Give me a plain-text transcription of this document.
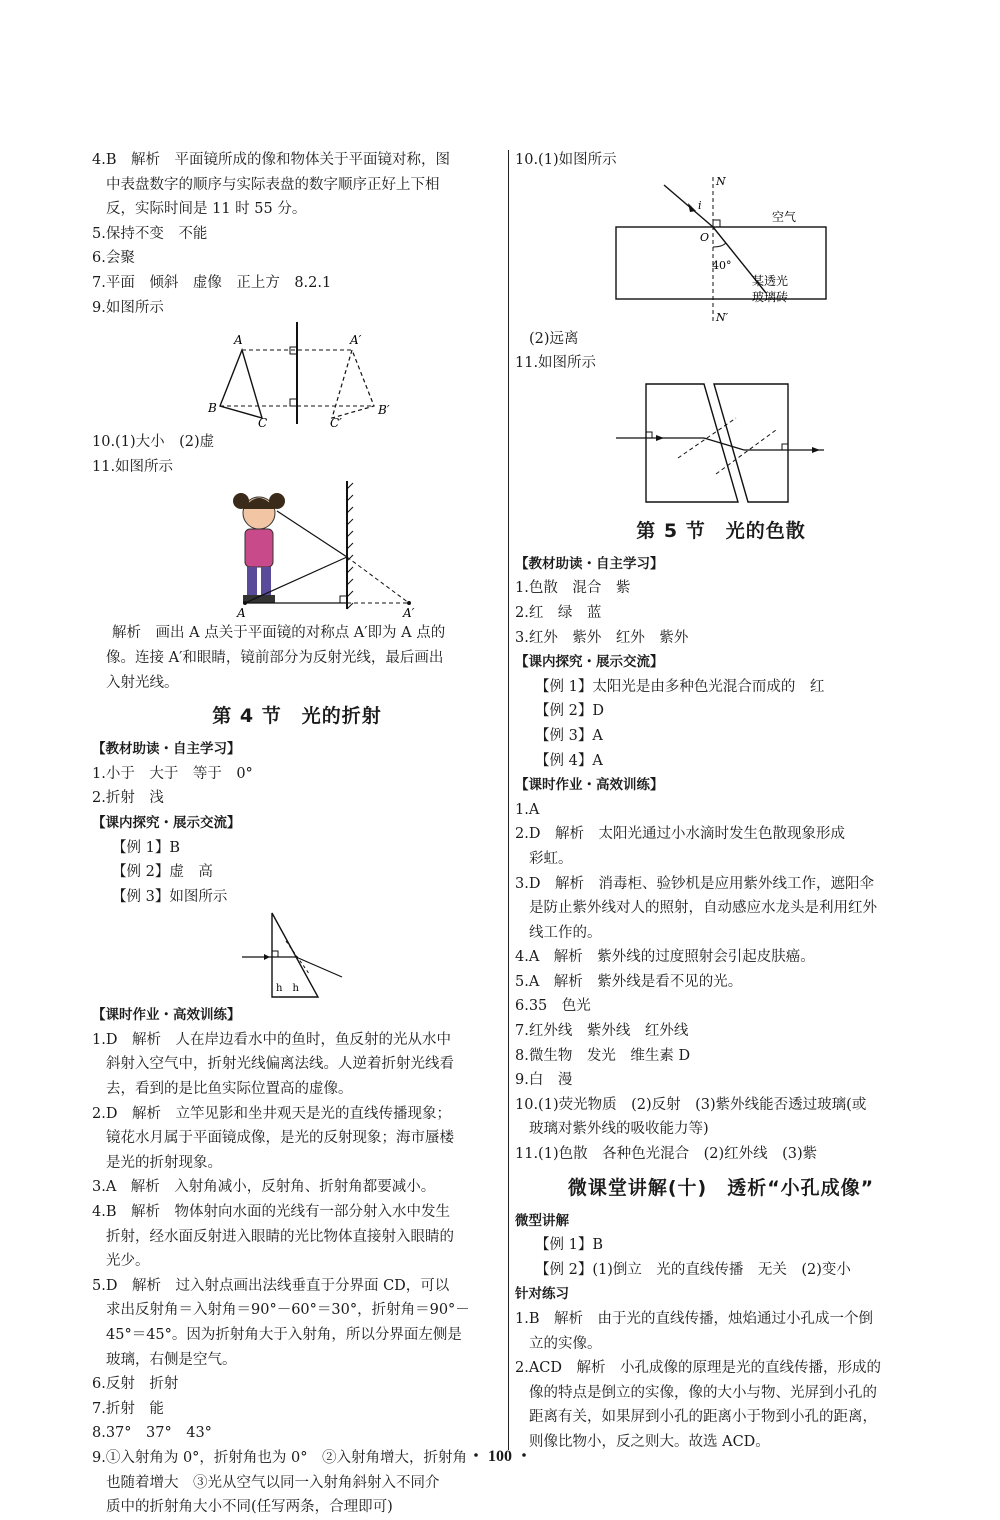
4.B　解析　平面镜所成的像和物体关于平面镜对称，图
中表盘数字的顺序与实际表盘的数字顺序正好上下相
反，实际时间是 11 时 55 分。
5.保持不变　不能
6.会聚
7.平面　倾斜　虚像　正上方　8.2.1
9.如图所示
A	A′
B
C	C′
B′
10.(1)大小　(2)虚
11.如图所示
A	A′
解析　画出 A 点关于平面镜的对称点 A′即为 A 点的
像。连接 A′和眼睛，镜前部分为反射光线，最后画出
入射光线。
第 4 节　光的折射
【教材助读・自主学习】
1.小于　大于　等于　0°
2.折射　浅
【课内探究・展示交流】
【例 1】B
【例 2】虚　高
【例 3】如图所示
h　h
【课时作业・高效训练】
1.D　解析　人在岸边看水中的鱼时，鱼反射的光从水中
斜射入空气中，折射光线偏离法线。人逆着折射光线看
去，看到的是比鱼实际位置高的虚像。
2.D　解析　立竿见影和坐井观天是光的直线传播现象；
镜花水月属于平面镜成像，是光的反射现象；海市蜃楼
是光的折射现象。
3.A　解析　入射角减小，反射角、折射角都要减小。
4.B　解析　物体射向水面的光线有一部分射入水中发生
折射，经水面反射进入眼睛的光比物体直接射入眼睛的
光少。
5.D　解析　过入射点画出法线垂直于分界面 CD，可以
求出反射角＝入射角＝90°－60°＝30°，折射角＝90°－
45°＝45°。因为折射角大于入射角，所以分界面左侧是
玻璃，右侧是空气。
6.反射　折射
7.折射　能
8.37°　37°　43°
9.①入射角为 0°，折射角也为 0°　②入射角增大，折射角
也随着增大　③光从空气以同一入射角斜射入不同介
质中的折射角大小不同(任写两条，合理即可)
10.(1)如图所示
N
i
空气
O
40°
某透光
玻璃砖
N′
(2)远离
11.如图所示
第 5 节　光的色散
【教材助读・自主学习】
1.色散　混合　紫
2.红　绿　蓝
3.红外　紫外　红外　紫外
【课内探究・展示交流】
【例 1】太阳光是由多种色光混合而成的　红
【例 2】D
【例 3】A
【例 4】A
【课时作业・高效训练】
1.A
2.D　解析　太阳光通过小水滴时发生色散现象形成
彩虹。
3.D　解析　消毒柜、验钞机是应用紫外线工作，遮阳伞
是防止紫外线对人的照射，自动感应水龙头是利用红外
线工作的。
4.A　解析　紫外线的过度照射会引起皮肤癌。
5.A　解析　紫外线是看不见的光。
6.35　色光
7.红外线　紫外线　红外线
8.微生物　发光　维生素 D
9.白　漫
10.(1)荧光物质　(2)反射　(3)紫外线能否透过玻璃(或
玻璃对紫外线的吸收能力等)
11.(1)色散　各种色光混合　(2)红外线　(3)紫
微课堂讲解(十)　透析“小孔成像”
微型讲解
【例 1】B
【例 2】(1)倒立　光的直线传播　无关　(2)变小
针对练习
1.B　解析　由于光的直线传播，烛焰通过小孔成一个倒
立的实像。
2.ACD　解析　小孔成像的原理是光的直线传播，形成的
像的特点是倒立的实像，像的大小与物、光屏到小孔的
距离有关，如果屏到小孔的距离小于物到小孔的距离，
则像比物小，反之则大。故选 ACD。
・ 100 ・
